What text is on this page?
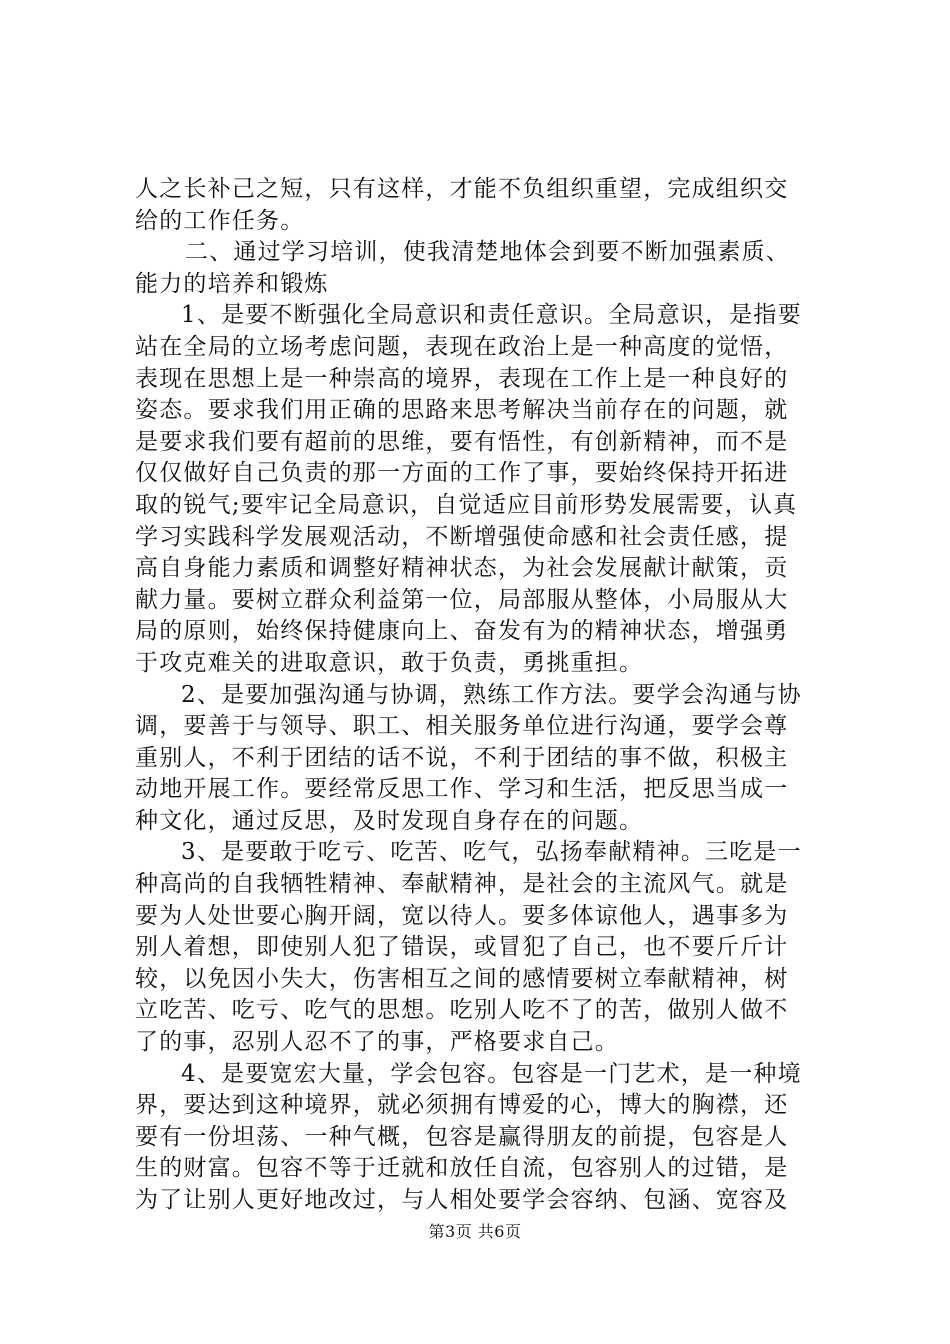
人之长补己之短，只有这样，才能不负组织重望，完成组织交
给的工作任务。
二、通过学习培训，使我清楚地体会到要不断加强素质、
能力的培养和锻炼
1、是要不断强化全局意识和责任意识。全局意识，是指要
站在全局的立场考虑问题，表现在政治上是一种高度的觉悟，
表现在思想上是一种崇高的境界，表现在工作上是一种良好的
姿态。要求我们用正确的思路来思考解决当前存在的问题，就
是要求我们要有超前的思维，要有悟性，有创新精神，而不是
仅仅做好自己负责的那一方面的工作了事，要始终保持开拓进
取的锐气;要牢记全局意识，自觉适应目前形势发展需要，认真
学习实践科学发展观活动，不断增强使命感和社会责任感，提
高自身能力素质和调整好精神状态，为社会发展献计献策，贡
献力量。要树立群众利益第一位，局部服从整体，小局服从大
局的原则，始终保持健康向上、奋发有为的精神状态，增强勇
于攻克难关的进取意识，敢于负责，勇挑重担。
2、是要加强沟通与协调，熟练工作方法。要学会沟通与协
调，要善于与领导、职工、相关服务单位进行沟通，要学会尊
重别人，不利于团结的话不说，不利于团结的事不做，积极主
动地开展工作。要经常反思工作、学习和生活，把反思当成一
种文化，通过反思，及时发现自身存在的问题。
3、是要敢于吃亏、吃苦、吃气，弘扬奉献精神。三吃是一
种高尚的自我牺牲精神、奉献精神，是社会的主流风气。就是
要为人处世要心胸开阔，宽以待人。要多体谅他人，遇事多为
别人着想，即使别人犯了错误，或冒犯了自己，也不要斤斤计
较，以免因小失大，伤害相互之间的感情要树立奉献精神，树
立吃苦、吃亏、吃气的思想。吃别人吃不了的苦，做别人做不
了的事，忍别人忍不了的事，严格要求自己。
4、是要宽宏大量，学会包容。包容是一门艺术，是一种境
界，要达到这种境界，就必须拥有博爱的心，博大的胸襟，还
要有一份坦荡、一种气概，包容是赢得朋友的前提，包容是人
生的财富。包容不等于迁就和放任自流，包容别人的过错，是
为了让别人更好地改过，与人相处要学会容纳、包涵、宽容及
第3页 共6页
